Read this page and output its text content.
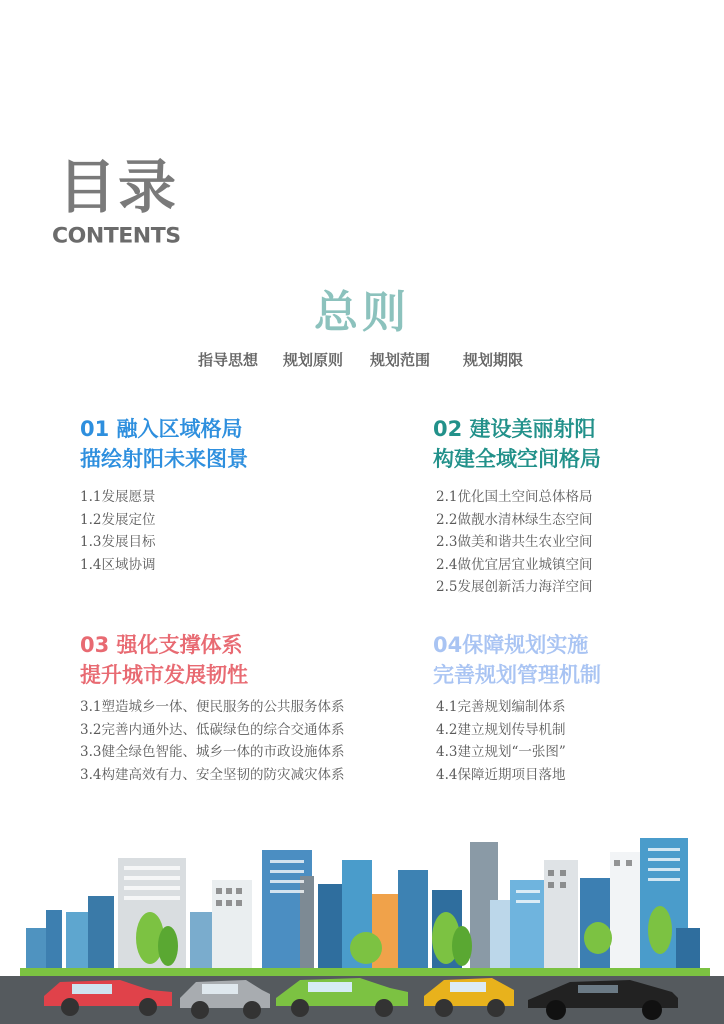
目录
CONTENTS
总则
指导思想 规划原则 规划范围 规划期限
01 融入区域格局
描绘射阳未来图景
1.1发展愿景
1.2发展定位
1.3发展目标
1.4区域协调
02 建设美丽射阳
构建全域空间格局
2.1优化国土空间总体格局
2.2做靓水清林绿生态空间
2.3做美和谐共生农业空间
2.4做优宜居宜业城镇空间
2.5发展创新活力海洋空间
03 强化支撑体系
提升城市发展韧性
3.1塑造城乡一体、便民服务的公共服务体系
3.2完善内通外达、低碳绿色的综合交通体系
3.3健全绿色智能、城乡一体的市政设施体系
3.4构建高效有力、安全坚韧的防灾减灾体系
04保障规划实施
完善规划管理机制
4.1完善规划编制体系
4.2建立规划传导机制
4.3建立规划“一张图”
4.4保障近期项目落地
